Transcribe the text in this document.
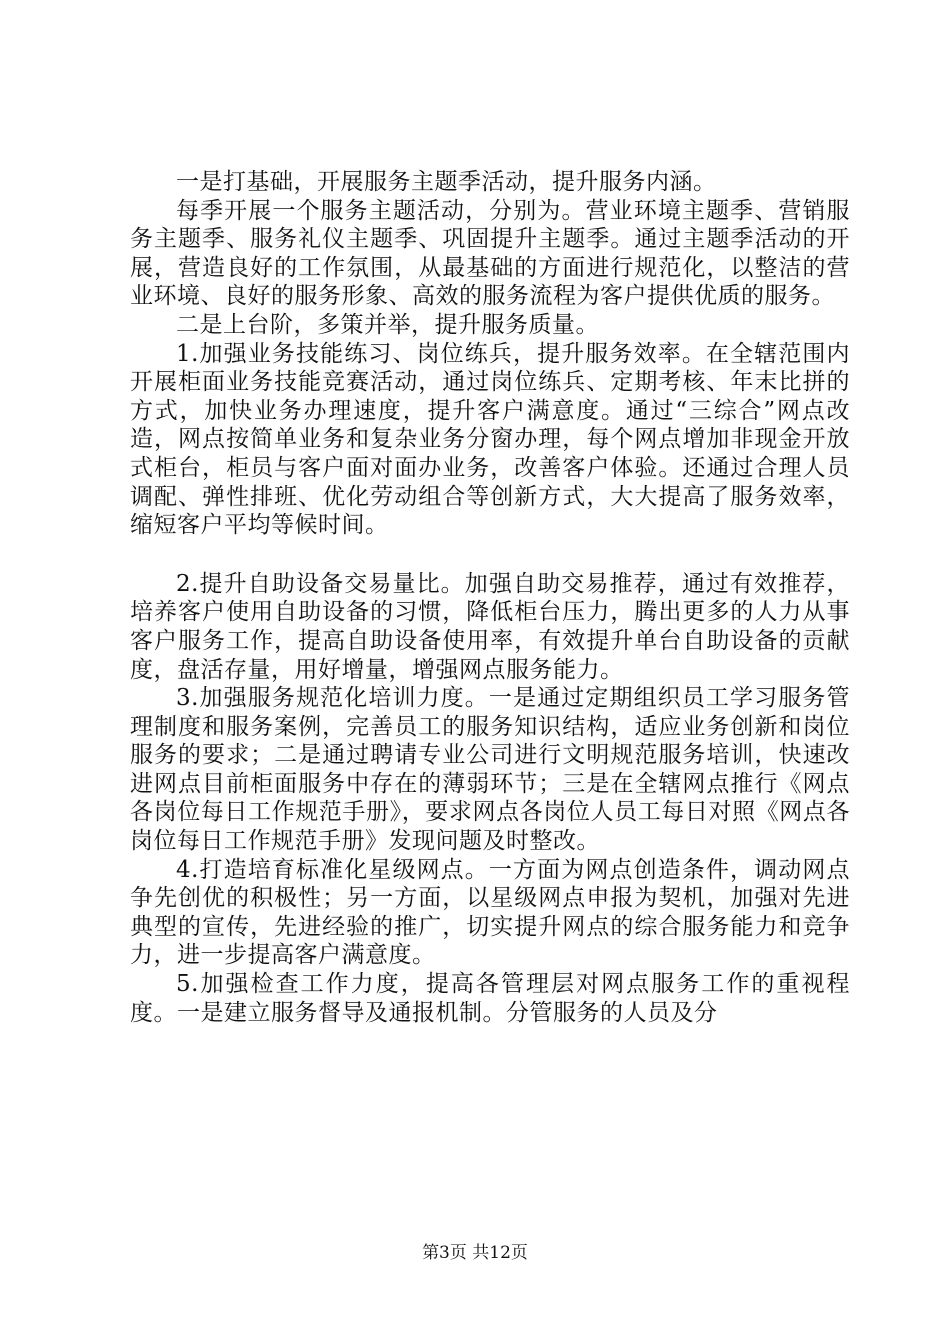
一是打基础，开展服务主题季活动，提升服务内涵。

每季开展一个服务主题活动，分别为。营业环境主题季、营销服务主题季、服务礼仪主题季、巩固提升主题季。通过主题季活动的开展，营造良好的工作氛围，从最基础的方面进行规范化，以整洁的营业环境、良好的服务形象、高效的服务流程为客户提供优质的服务。

二是上台阶，多策并举，提升服务质量。

1.加强业务技能练习、岗位练兵，提升服务效率。在全辖范围内开展柜面业务技能竞赛活动，通过岗位练兵、定期考核、年末比拼的方式，加快业务办理速度，提升客户满意度。通过“三综合”网点改造，网点按简单业务和复杂业务分窗办理，每个网点增加非现金开放式柜台，柜员与客户面对面办业务，改善客户体验。还通过合理人员调配、弹性排班、优化劳动组合等创新方式，大大提高了服务效率，缩短客户平均等候时间。

2.提升自助设备交易量比。加强自助交易推荐，通过有效推荐，培养客户使用自助设备的习惯，降低柜台压力，腾出更多的人力从事客户服务工作，提高自助设备使用率，有效提升单台自助设备的贡献度，盘活存量，用好增量，增强网点服务能力。

3.加强服务规范化培训力度。一是通过定期组织员工学习服务管理制度和服务案例，完善员工的服务知识结构，适应业务创新和岗位服务的要求；二是通过聘请专业公司进行文明规范服务培训，快速改进网点目前柜面服务中存在的薄弱环节；三是在全辖网点推行《网点各岗位每日工作规范手册》，要求网点各岗位人员工每日对照《网点各岗位每日工作规范手册》发现问题及时整改。

4.打造培育标准化星级网点。一方面为网点创造条件，调动网点争先创优的积极性；另一方面，以星级网点申报为契机，加强对先进典型的宣传，先进经验的推广，切实提升网点的综合服务能力和竞争力，进一步提高客户满意度。

5.加强检查工作力度，提高各管理层对网点服务工作的重视程度。一是建立服务督导及通报机制。分管服务的人员及分

第3页 共12页
